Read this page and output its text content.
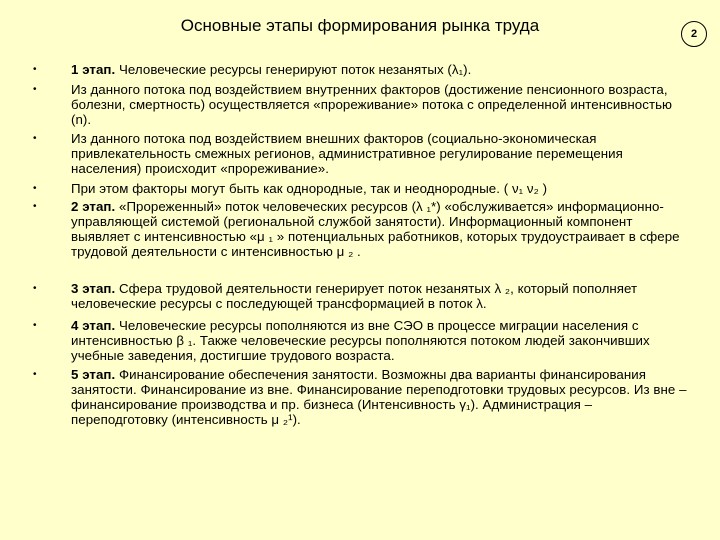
Основные этапы формирования рынка труда	2
•	1 этап. Человеческие ресурсы генерируют поток незанятых (λ₁).
•	Из данного потока под воздействием внутренних факторов (достижение пенсионного возраста, болезни, смертность) осуществляется «прореживание» потока с определенной интенсивностью (n).
•	Из данного потока под воздействием внешних факторов (социально-экономическая привлекательность смежных регионов, административное регулирование перемещения населения) происходит «прореживание».
•	При этом факторы могут быть как однородные, так и неоднородные. ( ν₁ ν₂ )
•	2 этап. «Прореженный» поток человеческих ресурсов (λ ₁*) «обслуживается» информационно-управляющей системой (региональной службой занятости). Информационный компонент выявляет с интенсивностью «μ ₁ » потенциальных работников, которых трудоустраивает в сфере трудовой деятельности с интенсивностью μ ₂ .
•	3 этап. Сфера трудовой деятельности генерирует поток незанятых λ ₂, который пополняет человеческие ресурсы с последующей трансформацией в поток λ.
•	4 этап. Человеческие ресурсы пополняются из вне СЭО в процессе миграции населения с интенсивностью β ₁. Также человеческие ресурсы пополняются потоком людей закончивших учебные заведения, достигшие трудового возраста.
•	5 этап. Финансирование обеспечения занятости. Возможны два варианты финансирования занятости. Финансирование из вне. Финансирование переподготовки трудовых ресурсов. Из вне – финансирование производства и пр. бизнеса (Интенсивность γ₁). Администрация – переподготовку (интенсивность μ ₂¹).
